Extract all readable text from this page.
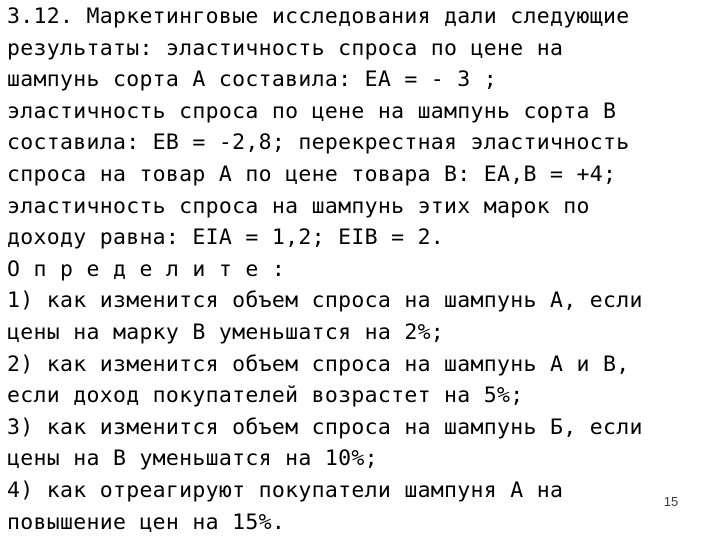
3.12. Маркетинговые исследования дали следующие
результаты: эластичность спроса по цене на
шампунь сорта А составила: ЕА = - 3 ;
эластичность спроса по цене на шампунь сорта В
составила: ЕВ = -2,8; перекрестная эластичность
спроса на товар А по цене товара В: ЕА,В = +4;
эластичность спроса на шампунь этих марок по
доходу равна: ЕIА = 1,2; ЕIВ = 2.
О п р е д е л и т е :
1) как изменится объем спроса на шампунь А, если
цены на марку В уменьшатся на 2%;
2) как изменится объем спроса на шампунь А и В,
если доход покупателей возрастет на 5%;
3) как изменится объем спроса на шампунь Б, если
цены на В уменьшатся на 10%;
4) как отреагируют покупатели шампуня А на
повышение цен на 15%.
15
